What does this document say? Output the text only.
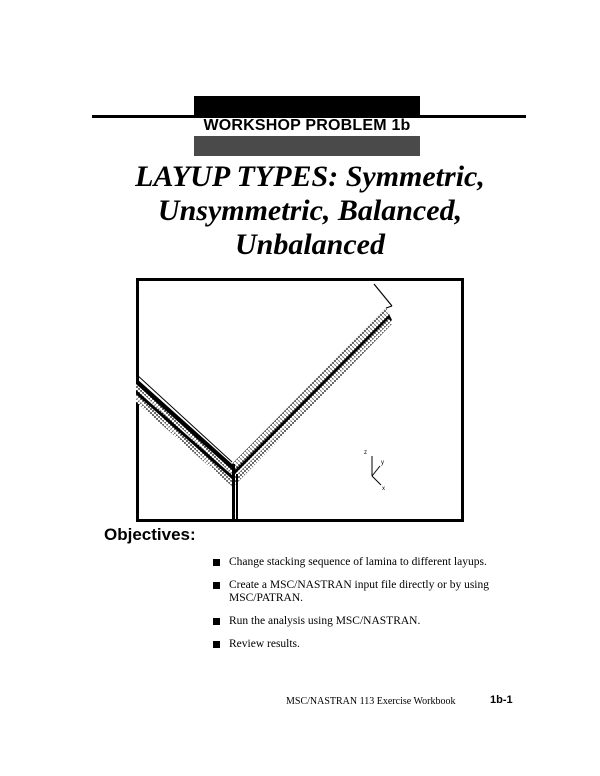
WORKSHOP PROBLEM 1b
LAYUP TYPES: Symmetric,
Unsymmetric, Balanced,
Unbalanced
z
y
x
Objectives:
Change stacking sequence of lamina to different layups.
Create a MSC/NASTRAN input file directly or by using
MSC/PATRAN.
Run the analysis using MSC/NASTRAN.
Review results.
MSC/NASTRAN 113 Exercise Workbook	1b-1
